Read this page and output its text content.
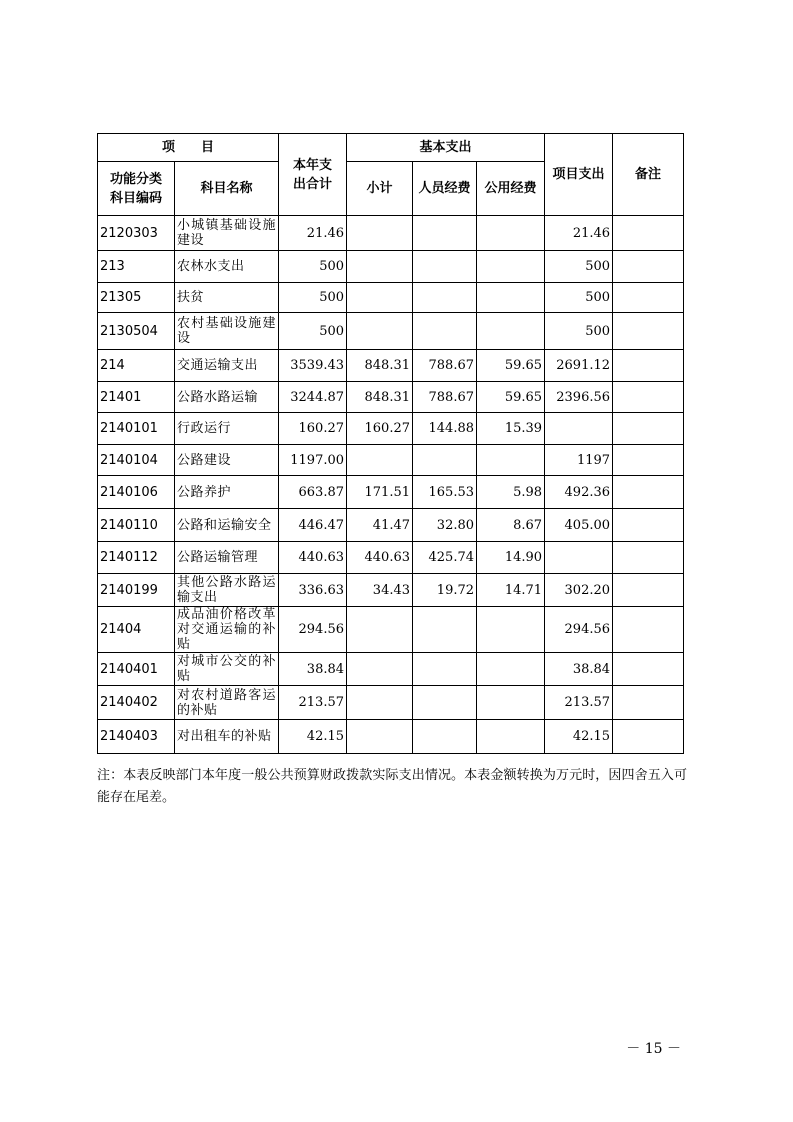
项　　目		本年支出合计	基本支出			项目支出	备注
功能分类科目编码	科目名称		小计	人员经费	公用经费		
2120303	小城镇基础设施建设	21.46				21.46	
213	农林水支出	500				500	
21305	扶贫	500				500	
2130504	农村基础设施建设	500				500	
214	交通运输支出	3539.43	848.31	788.67	59.65	2691.12	
21401	公路水路运输	3244.87	848.31	788.67	59.65	2396.56	
2140101	行政运行	160.27	160.27	144.88	15.39		
2140104	公路建设	1197.00				1197	
2140106	公路养护	663.87	171.51	165.53	5.98	492.36	
2140110	公路和运输安全	446.47	41.47	32.80	8.67	405.00	
2140112	公路运输管理	440.63	440.63	425.74	14.90		
2140199	其他公路水路运输支出	336.63	34.43	19.72	14.71	302.20	
21404	成品油价格改革对交通运输的补贴	294.56				294.56	
2140401	对城市公交的补贴	38.84				38.84	
2140402	对农村道路客运的补贴	213.57				213.57	
2140403	对出租车的补贴	42.15				42.15	
注：本表反映部门本年度一般公共预算财政拨款实际支出情况。本表金额转换为万元时，因四舍五入可能存在尾差。
－ 15 －
